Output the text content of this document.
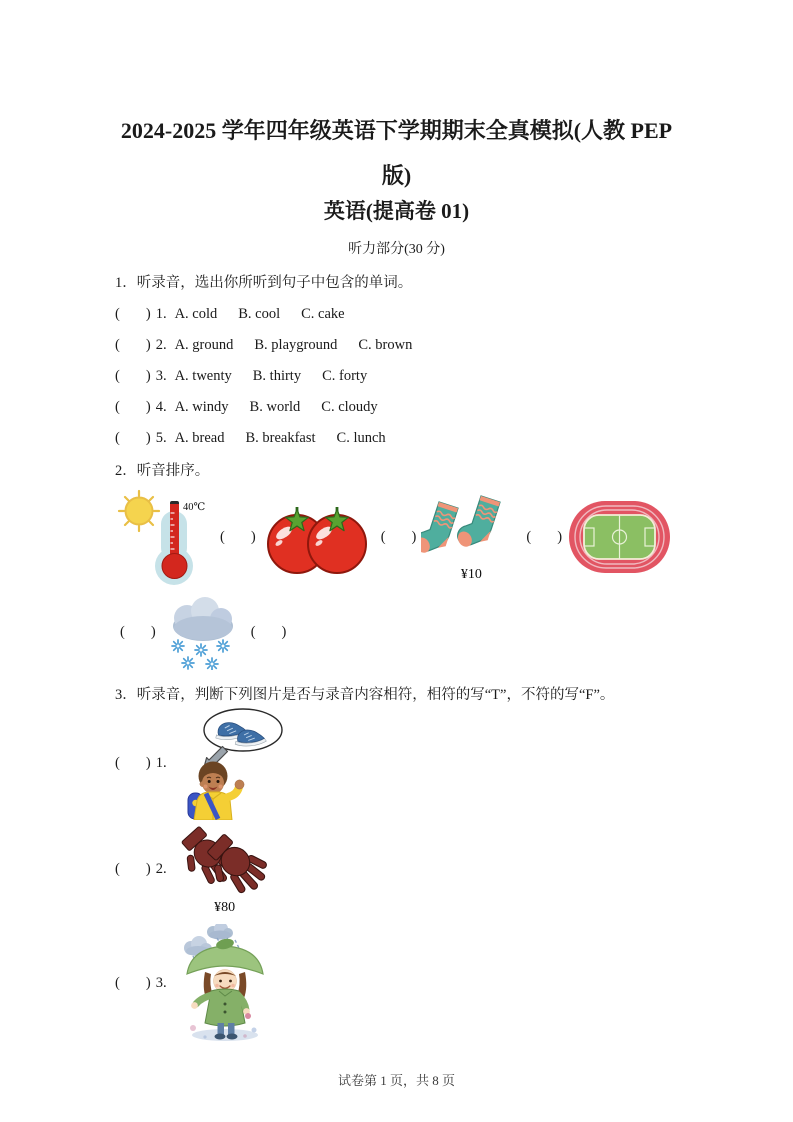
2024-2025 学年四年级英语下学期期末全真模拟(人教 PEP
版)
英语(提高卷 01)
听力部分(30 分)
1．听录音，选出你所听到句子中包含的单词。
( ) 1. A. cold B. cool C. cake
( ) 2. A. ground B. playground C. brown
( ) 3. A. twenty B. thirty C. forty
( ) 4. A. windy B. world C. cloudy
( ) 5. A. bread B. breakfast C. lunch
2．听音排序。
40℃
( )	( )
¥10
( )
( )	( )
3．听录音，判断下列图片是否与录音内容相符，相符的写“T”，不符的写“F”。
( ) 1.
( ) 2.
¥80
( ) 3.
试卷第 1 页，共 8 页
